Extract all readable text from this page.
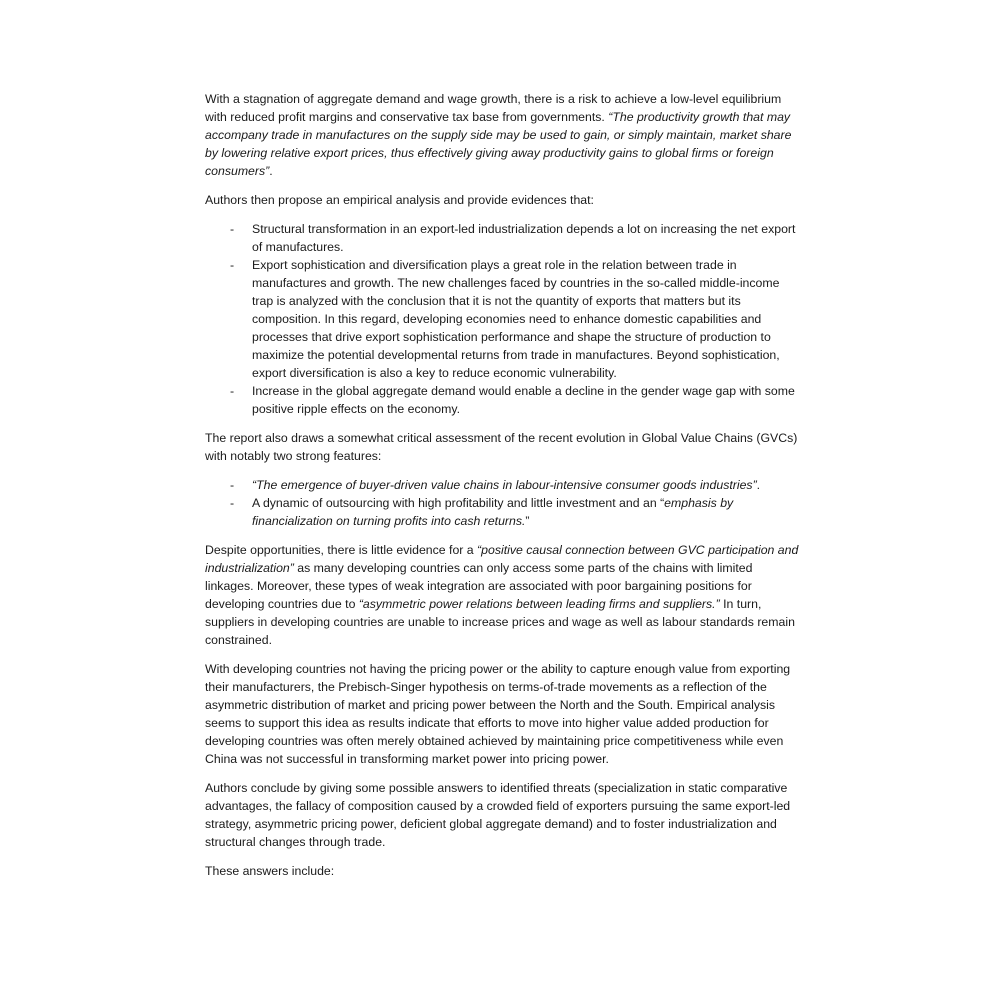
With a stagnation of aggregate demand and wage growth, there is a risk to achieve a low-level equilibrium with reduced profit margins and conservative tax base from governments. “The productivity growth that may accompany trade in manufactures on the supply side may be used to gain, or simply maintain, market share by lowering relative export prices, thus effectively giving away productivity gains to global firms or foreign consumers”.

Authors then propose an empirical analysis and provide evidences that:

- Structural transformation in an export-led industrialization depends a lot on increasing the net export of manufactures.
- Export sophistication and diversification plays a great role in the relation between trade in manufactures and growth. The new challenges faced by countries in the so-called middle-income trap is analyzed with the conclusion that it is not the quantity of exports that matters but its composition. In this regard, developing economies need to enhance domestic capabilities and processes that drive export sophistication performance and shape the structure of production to maximize the potential developmental returns from trade in manufactures. Beyond sophistication, export diversification is also a key to reduce economic vulnerability.
- Increase in the global aggregate demand would enable a decline in the gender wage gap with some positive ripple effects on the economy.

The report also draws a somewhat critical assessment of the recent evolution in Global Value Chains (GVCs) with notably two strong features:

- “The emergence of buyer-driven value chains in labour-intensive consumer goods industries”.
- A dynamic of outsourcing with high profitability and little investment and an “emphasis by financialization on turning profits into cash returns.”

Despite opportunities, there is little evidence for a “positive causal connection between GVC participation and industrialization” as many developing countries can only access some parts of the chains with limited linkages. Moreover, these types of weak integration are associated with poor bargaining positions for developing countries due to “asymmetric power relations between leading firms and suppliers.” In turn, suppliers in developing countries are unable to increase prices and wage as well as labour standards remain constrained.

With developing countries not having the pricing power or the ability to capture enough value from exporting their manufacturers, the Prebisch-Singer hypothesis on terms-of-trade movements as a reflection of the asymmetric distribution of market and pricing power between the North and the South. Empirical analysis seems to support this idea as results indicate that efforts to move into higher value added production for developing countries was often merely obtained achieved by maintaining price competitiveness while even China was not successful in transforming market power into pricing power.

Authors conclude by giving some possible answers to identified threats (specialization in static comparative advantages, the fallacy of composition caused by a crowded field of exporters pursuing the same export-led strategy, asymmetric pricing power, deficient global aggregate demand) and to foster industrialization and structural changes through trade.

These answers include:
